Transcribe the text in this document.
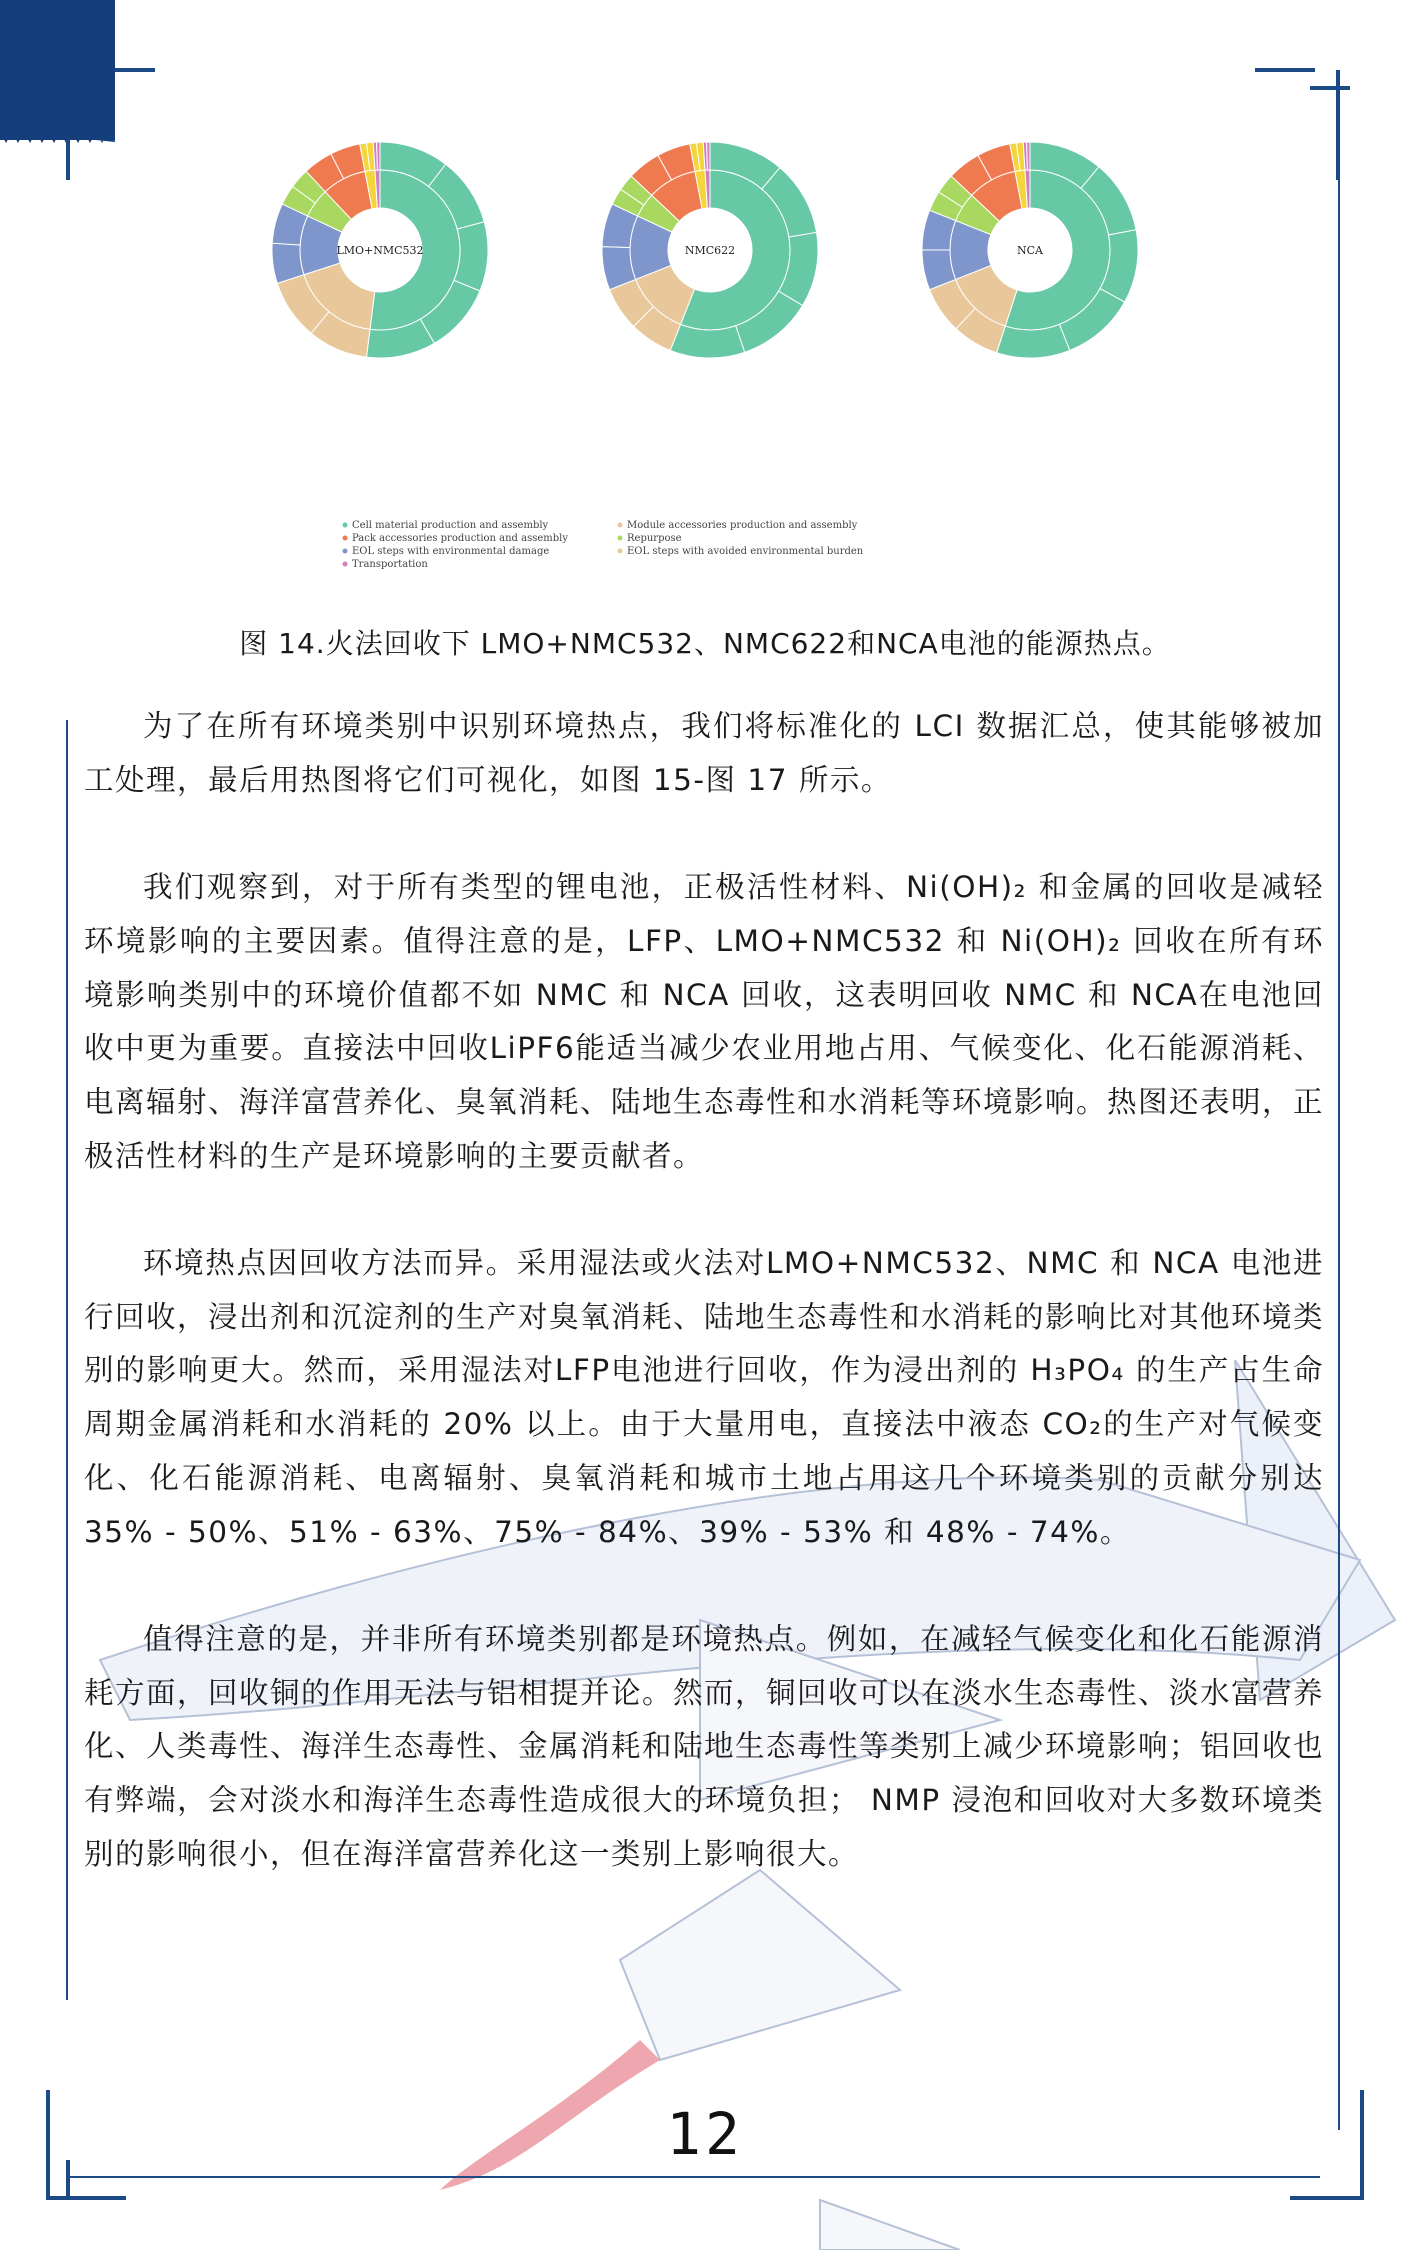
LMO+NMC532	NMC622	NCA
Cell material production and assembly	Module accessories production and assembly
Pack accessories production and assembly	Repurpose
EOL steps with environmental damage	EOL steps with avoided environmental burden
Transportation
图 14.火法回收下 LMO+NMC532、NMC622和NCA电池的能源热点。

为了在所有环境类别中识别环境热点，我们将标准化的 LCI 数据汇总，使其能够被加工处理，最后用热图将它们可视化，如图 15-图 17 所示。

我们观察到，对于所有类型的锂电池，正极活性材料、Ni(OH)₂ 和金属的回收是减轻环境影响的主要因素。值得注意的是，LFP、LMO+NMC532 和 Ni(OH)₂ 回收在所有环境影响类别中的环境价值都不如 NMC 和 NCA 回收，这表明回收 NMC 和 NCA在电池回收中更为重要。直接法中回收LiPF6能适当减少农业用地占用、气候变化、化石能源消耗、电离辐射、海洋富营养化、臭氧消耗、陆地生态毒性和水消耗等环境影响。热图还表明，正极活性材料的生产是环境影响的主要贡献者。

环境热点因回收方法而异。采用湿法或火法对LMO+NMC532、NMC 和 NCA 电池进行回收，浸出剂和沉淀剂的生产对臭氧消耗、陆地生态毒性和水消耗的影响比对其他环境类别的影响更大。然而，采用湿法对LFP电池进行回收，作为浸出剂的 H₃PO₄ 的生产占生命周期金属消耗和水消耗的 20% 以上。由于大量用电，直接法中液态 CO₂的生产对气候变化、化石能源消耗、电离辐射、臭氧消耗和城市土地占用这几个环境类别的贡献分别达35% - 50%、51% - 63%、75% - 84%、39% - 53% 和 48% - 74%。

值得注意的是，并非所有环境类别都是环境热点。例如，在减轻气候变化和化石能源消耗方面，回收铜的作用无法与铝相提并论。然而，铜回收可以在淡水生态毒性、淡水富营养化、人类毒性、海洋生态毒性、金属消耗和陆地生态毒性等类别上减少环境影响；铝回收也有弊端，会对淡水和海洋生态毒性造成很大的环境负担； NMP 浸泡和回收对大多数环境类别的影响很小，但在海洋富营养化这一类别上影响很大。

12
